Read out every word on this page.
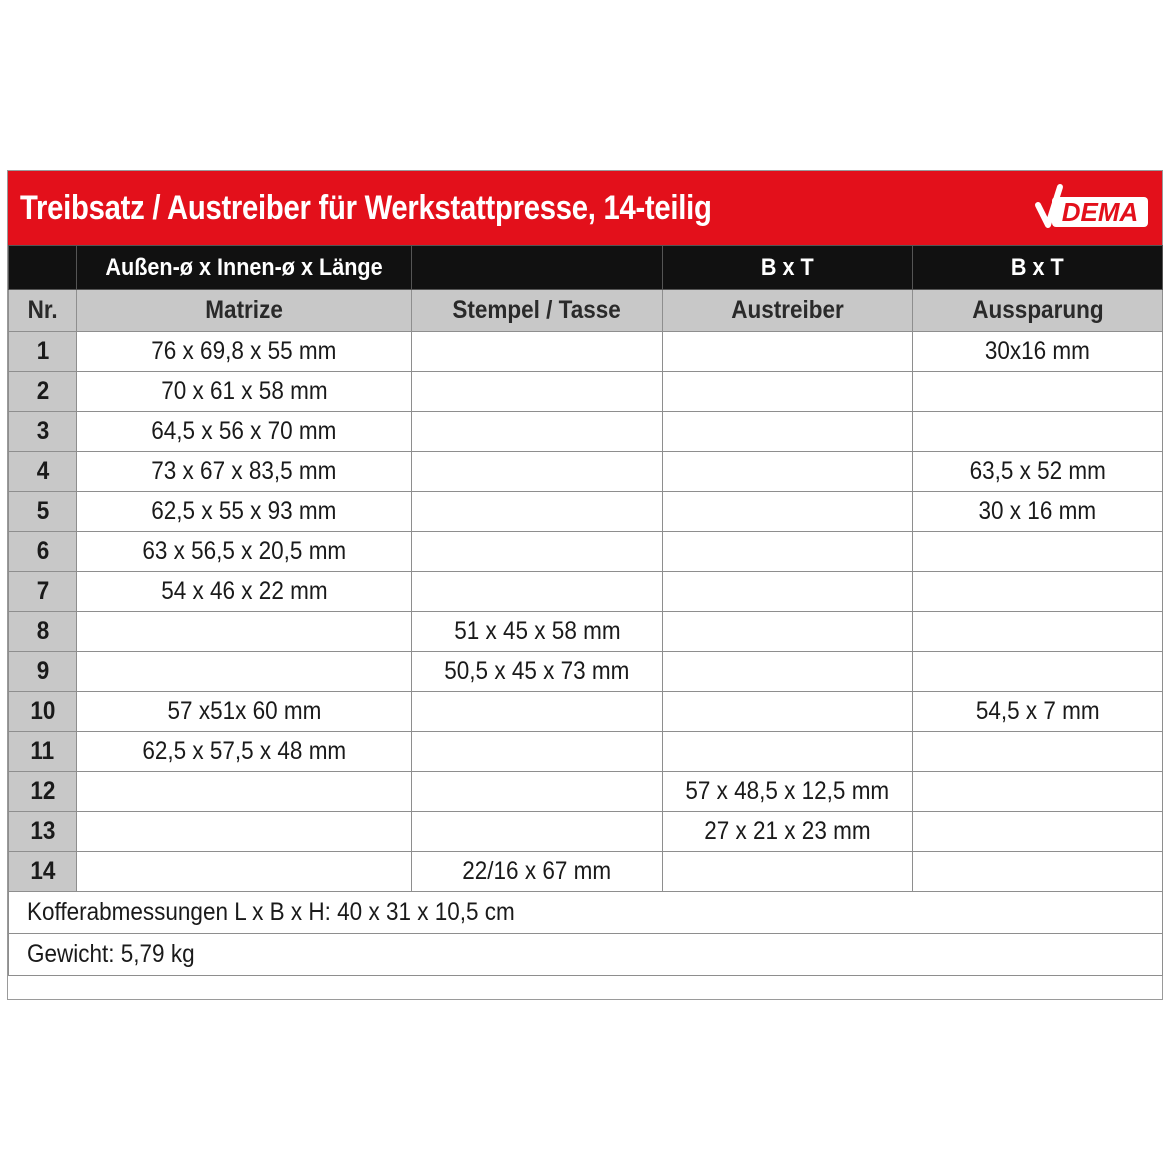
Treibsatz / Austreiber für Werkstattpresse, 14-teilig	DEMA
	Außen-ø x Innen-ø x Länge		B x T	B x T
Nr.	Matrize	Stempel / Tasse	Austreiber	Aussparung
1	76 x 69,8 x 55 mm			30x16 mm
2	70 x 61 x 58 mm			
3	64,5 x 56 x 70 mm			
4	73 x 67 x 83,5 mm			63,5 x 52 mm
5	62,5 x 55 x 93 mm			30 x 16 mm
6	63 x 56,5 x 20,5 mm			
7	54 x 46 x 22 mm			
8		51 x 45 x 58 mm		
9		50,5 x 45 x 73 mm		
10	57 x51x 60 mm			54,5 x 7 mm
11	62,5 x 57,5 x 48 mm			
12			57 x 48,5 x 12,5 mm	
13			27 x 21 x 23 mm	
14		22/16 x 67 mm		
Kofferabmessungen L x B x H: 40 x 31 x 10,5 cm				
Gewicht: 5,79 kg				
